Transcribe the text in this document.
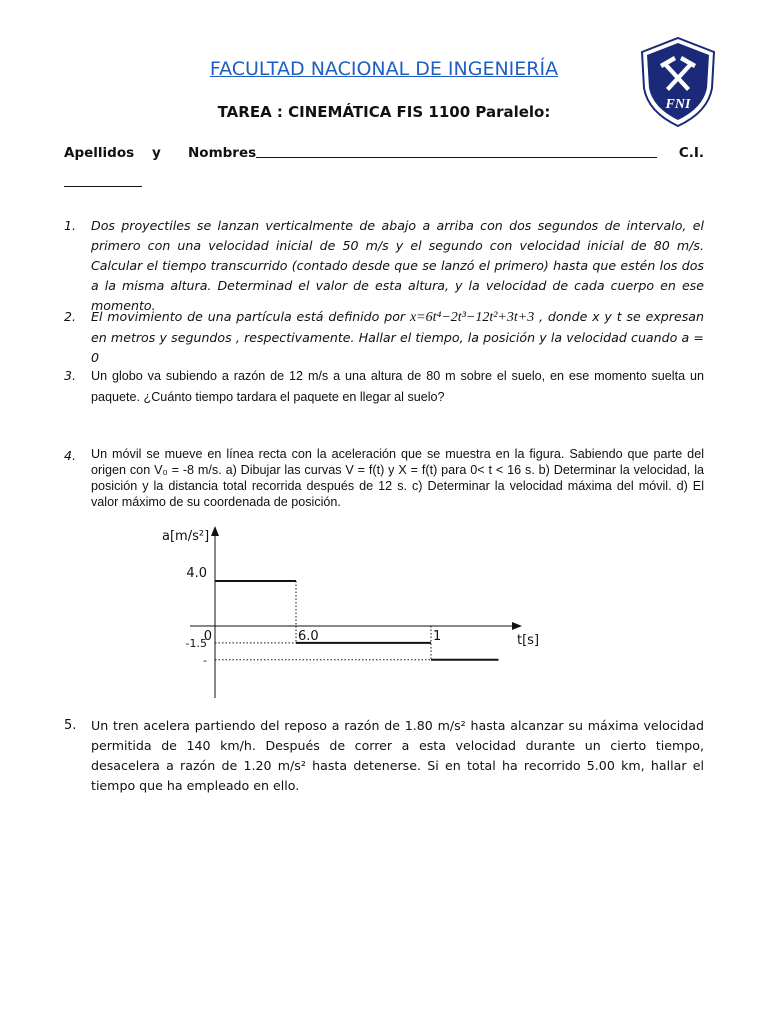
FACULTAD NACIONAL DE INGENIERÍA
TAREA : CINEMÁTICA FIS 1100 Paralelo:	FNI
Apellidos	y	Nombres	C.I.
1.	Dos proyectiles se lanzan verticalmente de abajo a arriba con dos segundos de intervalo, el primero con una velocidad inicial de 50 m/s y el segundo con velocidad inicial de 80 m/s. Calcular el tiempo transcurrido (contado desde que se lanzó el primero) hasta que estén los dos a la misma altura. Determinad el valor de esta altura, y la velocidad de cada cuerpo en ese momento.
2.	El movimiento de una partícula está definido por x=6t⁴−2t³−12t²+3t+3 , donde x y t se expresan en metros y segundos , respectivamente. Hallar el tiempo, la posición y la velocidad cuando a = 0
3.	Un globo va subiendo a razón de 12 m/s a una altura de 80 m sobre el suelo, en ese momento suelta un paquete. ¿Cuánto tiempo tardara el paquete en llegar al suelo?
4.	Un móvil se mueve en línea recta con la aceleración que se muestra en la figura. Sabiendo que parte del origen con V₀ = -8 m/s. a) Dibujar las curvas V = f(t) y X = f(t) para 0< t < 16 s. b) Determinar la velocidad, la posición y la distancia total recorrida después de 12 s. c) Determinar la velocidad máxima del móvil. d) El valor máximo de su coordenada de posición.
a[m/s²]
t[s]
4.0
-1.5
-
0	6.0	1
5.	Un tren acelera partiendo del reposo a razón de 1.80 m/s² hasta alcanzar su máxima velocidad permitida de 140 km/h. Después de correr a esta velocidad durante un cierto tiempo, desacelera a razón de 1.20 m/s² hasta detenerse. Si en total ha recorrido 5.00 km, hallar el tiempo que ha empleado en ello.
